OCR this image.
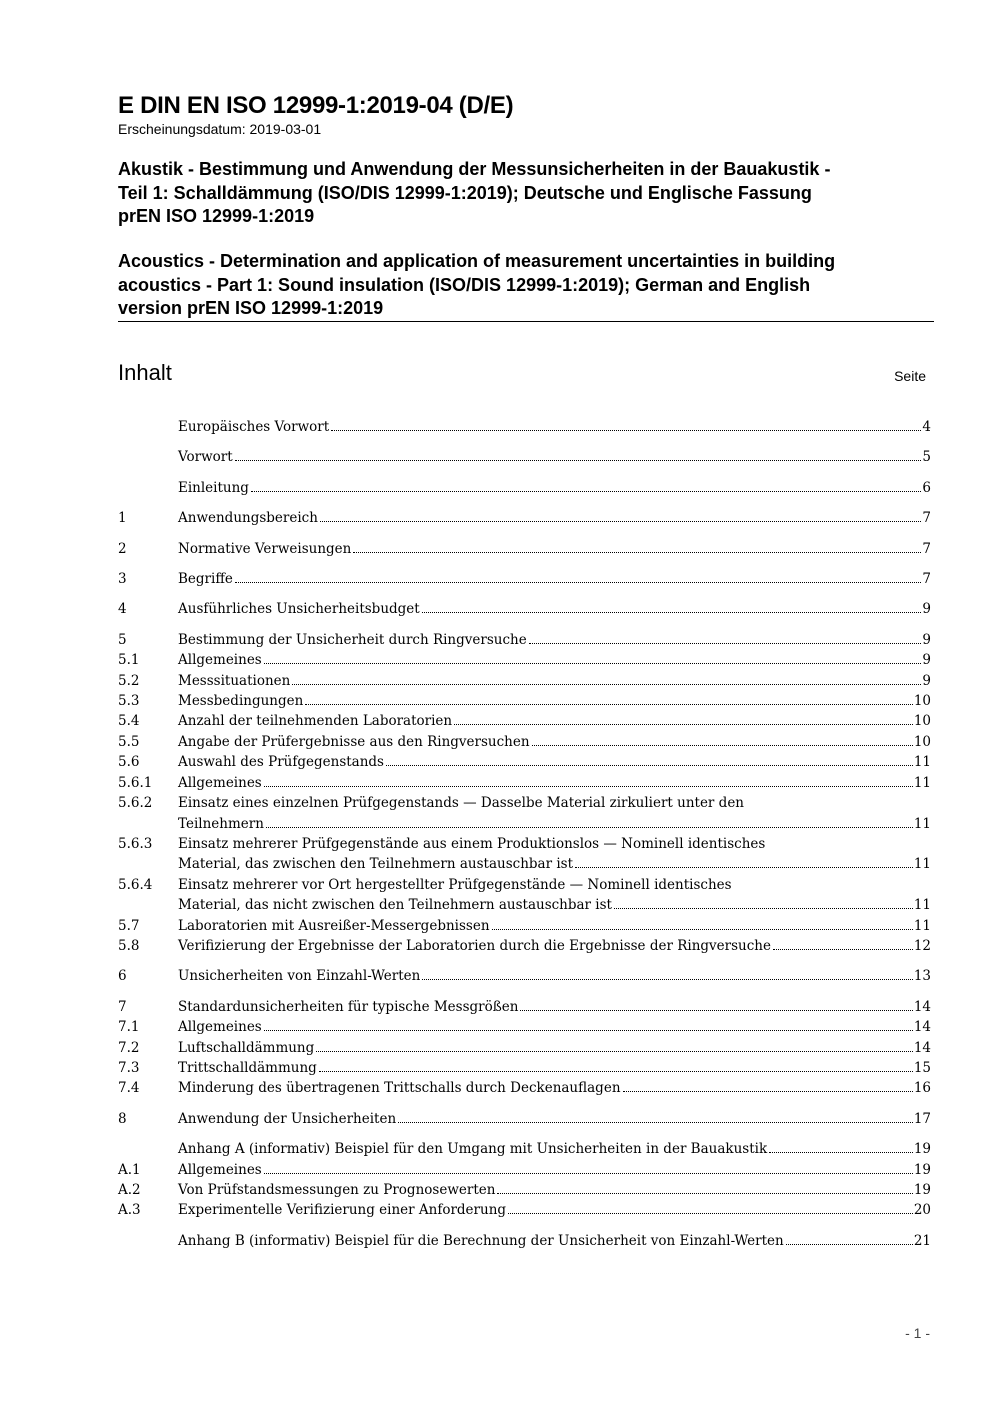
E DIN EN ISO 12999-1:2019-04 (D/E)
Erscheinungsdatum: 2019-03-01
Akustik - Bestimmung und Anwendung der Messunsicherheiten in der Bauakustik -
Teil 1: Schalldämmung (ISO/DIS 12999-1:2019); Deutsche und Englische Fassung
prEN ISO 12999-1:2019
Acoustics - Determination and application of measurement uncertainties in building
acoustics - Part 1: Sound insulation (ISO/DIS 12999-1:2019); German and English
version prEN ISO 12999-1:2019
Inhalt	Seite
Europäisches Vorwort	4
Vorwort	5
Einleitung	6
1	Anwendungsbereich	7
2	Normative Verweisungen	7
3	Begriffe	7
4	Ausführliches Unsicherheitsbudget	9
5	Bestimmung der Unsicherheit durch Ringversuche	9
5.1	Allgemeines	9
5.2	Messsituationen	9
5.3	Messbedingungen	10
5.4	Anzahl der teilnehmenden Laboratorien	10
5.5	Angabe der Prüfergebnisse aus den Ringversuchen	10
5.6	Auswahl des Prüfgegenstands	11
5.6.1	Allgemeines	11
5.6.2	Einsatz eines einzelnen Prüfgegenstands — Dasselbe Material zirkuliert unter den
Teilnehmern	11
5.6.3	Einsatz mehrerer Prüfgegenstände aus einem Produktionslos — Nominell identisches
Material, das zwischen den Teilnehmern austauschbar ist	11
5.6.4	Einsatz mehrerer vor Ort hergestellter Prüfgegenstände — Nominell identisches
Material, das nicht zwischen den Teilnehmern austauschbar ist	11
5.7	Laboratorien mit Ausreißer-Messergebnissen	11
5.8	Verifizierung der Ergebnisse der Laboratorien durch die Ergebnisse der Ringversuche	12
6	Unsicherheiten von Einzahl-Werten	13
7	Standardunsicherheiten für typische Messgrößen	14
7.1	Allgemeines	14
7.2	Luftschalldämmung	14
7.3	Trittschalldämmung	15
7.4	Minderung des übertragenen Trittschalls durch Deckenauflagen	16
8	Anwendung der Unsicherheiten	17
Anhang A (informativ) Beispiel für den Umgang mit Unsicherheiten in der Bauakustik	19
A.1	Allgemeines	19
A.2	Von Prüfstandsmessungen zu Prognosewerten	19
A.3	Experimentelle Verifizierung einer Anforderung	20
Anhang B (informativ) Beispiel für die Berechnung der Unsicherheit von Einzahl-Werten	21
- 1 -
